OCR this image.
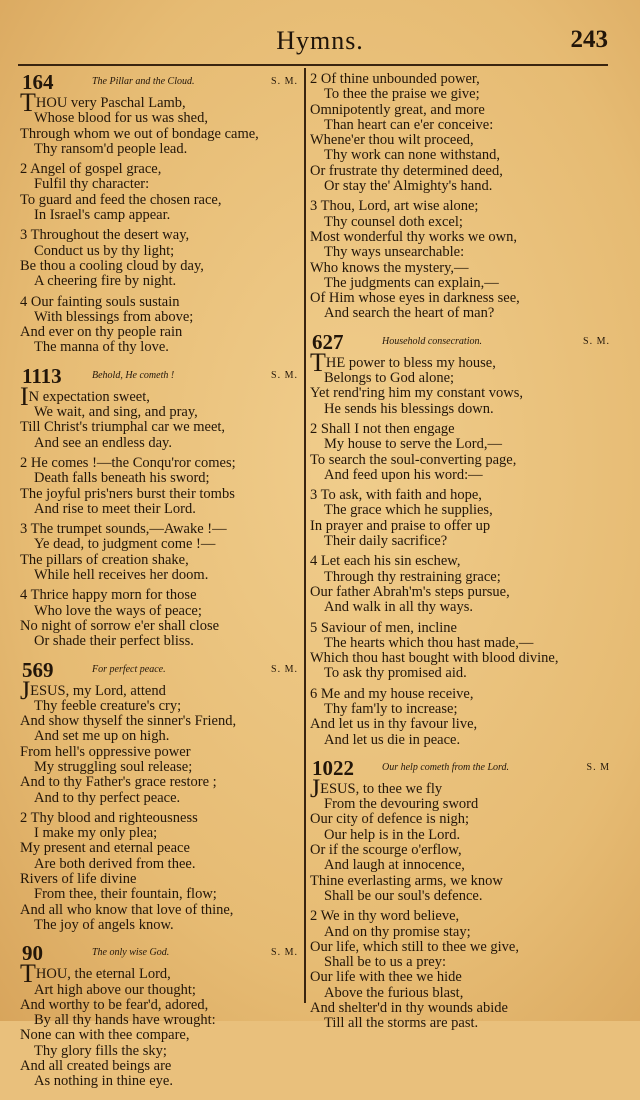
Hymns.	243
164	The Pillar and the Cloud.	S. M.
THOU very Paschal Lamb,
Whose blood for us was shed,
Through whom we out of bondage came,
Thy ransom'd people lead.
2 Angel of gospel grace,
Fulfil thy character:
To guard and feed the chosen race,
In Israel's camp appear.
3 Throughout the desert way,
Conduct us by thy light;
Be thou a cooling cloud by day,
A cheering fire by night.
4 Our fainting souls sustain
With blessings from above;
And ever on thy people rain
The manna of thy love.
1113	Behold, He cometh !	S. M.
IN expectation sweet,
We wait, and sing, and pray,
Till Christ's triumphal car we meet,
And see an endless day.
2 He comes !—the Conqu'ror comes;
Death falls beneath his sword;
The joyful pris'ners burst their tombs
And rise to meet their Lord.
3 The trumpet sounds,—Awake !—
Ye dead, to judgment come !—
The pillars of creation shake,
While hell receives her doom.
4 Thrice happy morn for those
Who love the ways of peace;
No night of sorrow e'er shall close
Or shade their perfect bliss.
569	For perfect peace.	S. M.
JESUS, my Lord, attend
Thy feeble creature's cry;
And show thyself the sinner's Friend,
And set me up on high.
From hell's oppressive power
My struggling soul release;
And to thy Father's grace restore ;
And to thy perfect peace.
2 Thy blood and righteousness
I make my only plea;
My present and eternal peace
Are both derived from thee.
Rivers of life divine
From thee, their fountain, flow;
And all who know that love of thine,
The joy of angels know.
90	The only wise God.	S. M.
THOU, the eternal Lord,
Art high above our thought;
And worthy to be fear'd, adored,
By all thy hands have wrought:
None can with thee compare,
Thy glory fills the sky;
And all created beings are
As nothing in thine eye.
2 Of thine unbounded power,
To thee the praise we give;
Omnipotently great, and more
Than heart can e'er conceive:
Whene'er thou wilt proceed,
Thy work can none withstand,
Or frustrate thy determined deed,
Or stay the' Almighty's hand.
3 Thou, Lord, art wise alone;
Thy counsel doth excel;
Most wonderful thy works we own,
Thy ways unsearchable:
Who knows the mystery,—
The judgments can explain,—
Of Him whose eyes in darkness see,
And search the heart of man?
627	Household consecration.	S. M.
THE power to bless my house,
Belongs to God alone;
Yet rend'ring him my constant vows,
He sends his blessings down.
2 Shall I not then engage
My house to serve the Lord,—
To search the soul-converting page,
And feed upon his word:—
3 To ask, with faith and hope,
The grace which he supplies,
In prayer and praise to offer up
Their daily sacrifice?
4 Let each his sin eschew,
Through thy restraining grace;
Our father Abrah'm's steps pursue,
And walk in all thy ways.
5 Saviour of men, incline
The hearts which thou hast made,—
Which thou hast bought with blood divine,
To ask thy promised aid.
6 Me and my house receive,
Thy fam'ly to increase;
And let us in thy favour live,
And let us die in peace.
1022	Our help cometh from the Lord.	S. M
JESUS, to thee we fly
From the devouring sword
Our city of defence is nigh;
Our help is in the Lord.
Or if the scourge o'erflow,
And laugh at innocence,
Thine everlasting arms, we know
Shall be our soul's defence.
2 We in thy word believe,
And on thy promise stay;
Our life, which still to thee we give,
Shall be to us a prey:
Our life with thee we hide
Above the furious blast,
And shelter'd in thy wounds abide
Till all the storms are past.
